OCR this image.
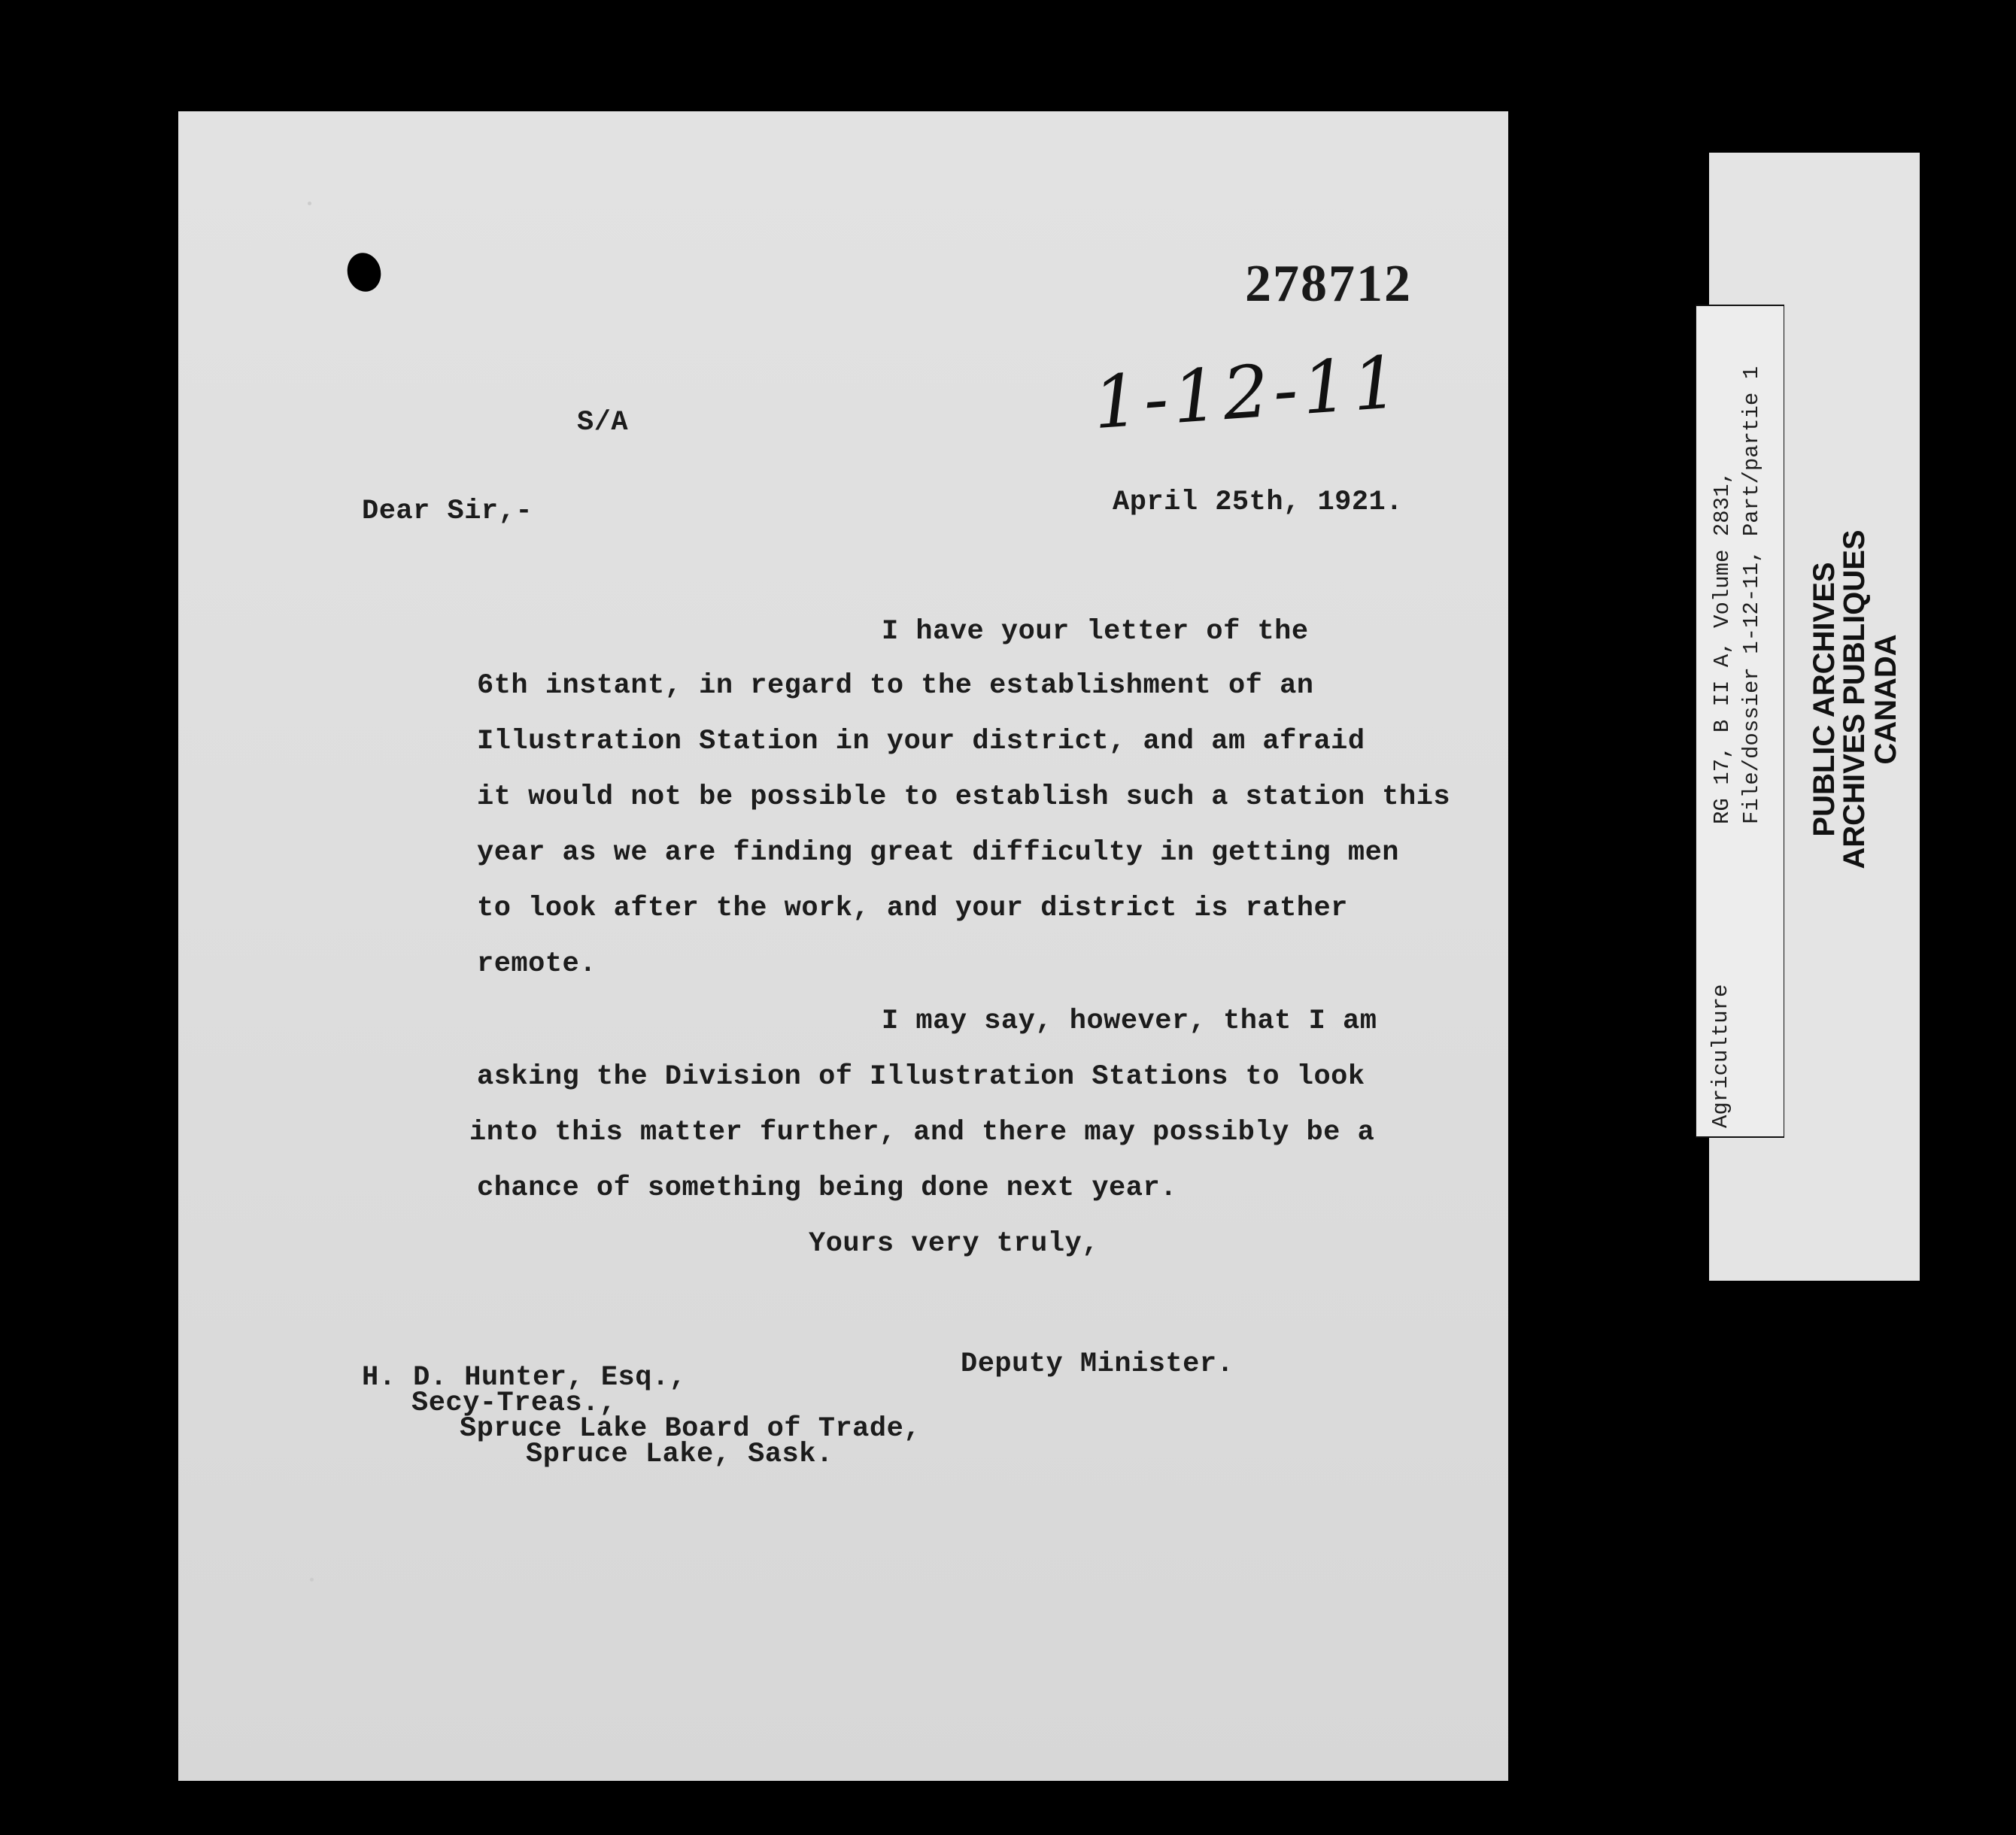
278712
1-12-11
S/A
Dear Sir,-	April 25th, 1921.
I have your letter of the
6th instant, in regard to the establishment of an
Illustration Station in your district, and am afraid
it would not be possible to establish such a station this
year as we are finding great difficulty in getting men
to look after the work, and your district is rather
remote.
I may say, however, that I am
asking the Division of Illustration Stations to look
into this matter further, and there may possibly be a
chance of something being done next year.
Yours very truly,
Deputy Minister.
H. D. Hunter, Esq.,
Secy-Treas.,
Spruce Lake Board of Trade,
Spruce Lake, Sask.
Agriculture
RG 17, B II A, Volume 2831, File/dossier 1-12-11, Part/partie 1 PUBLIC ARCHIVES
ARCHIVES PUBLIQUES
CANADA
